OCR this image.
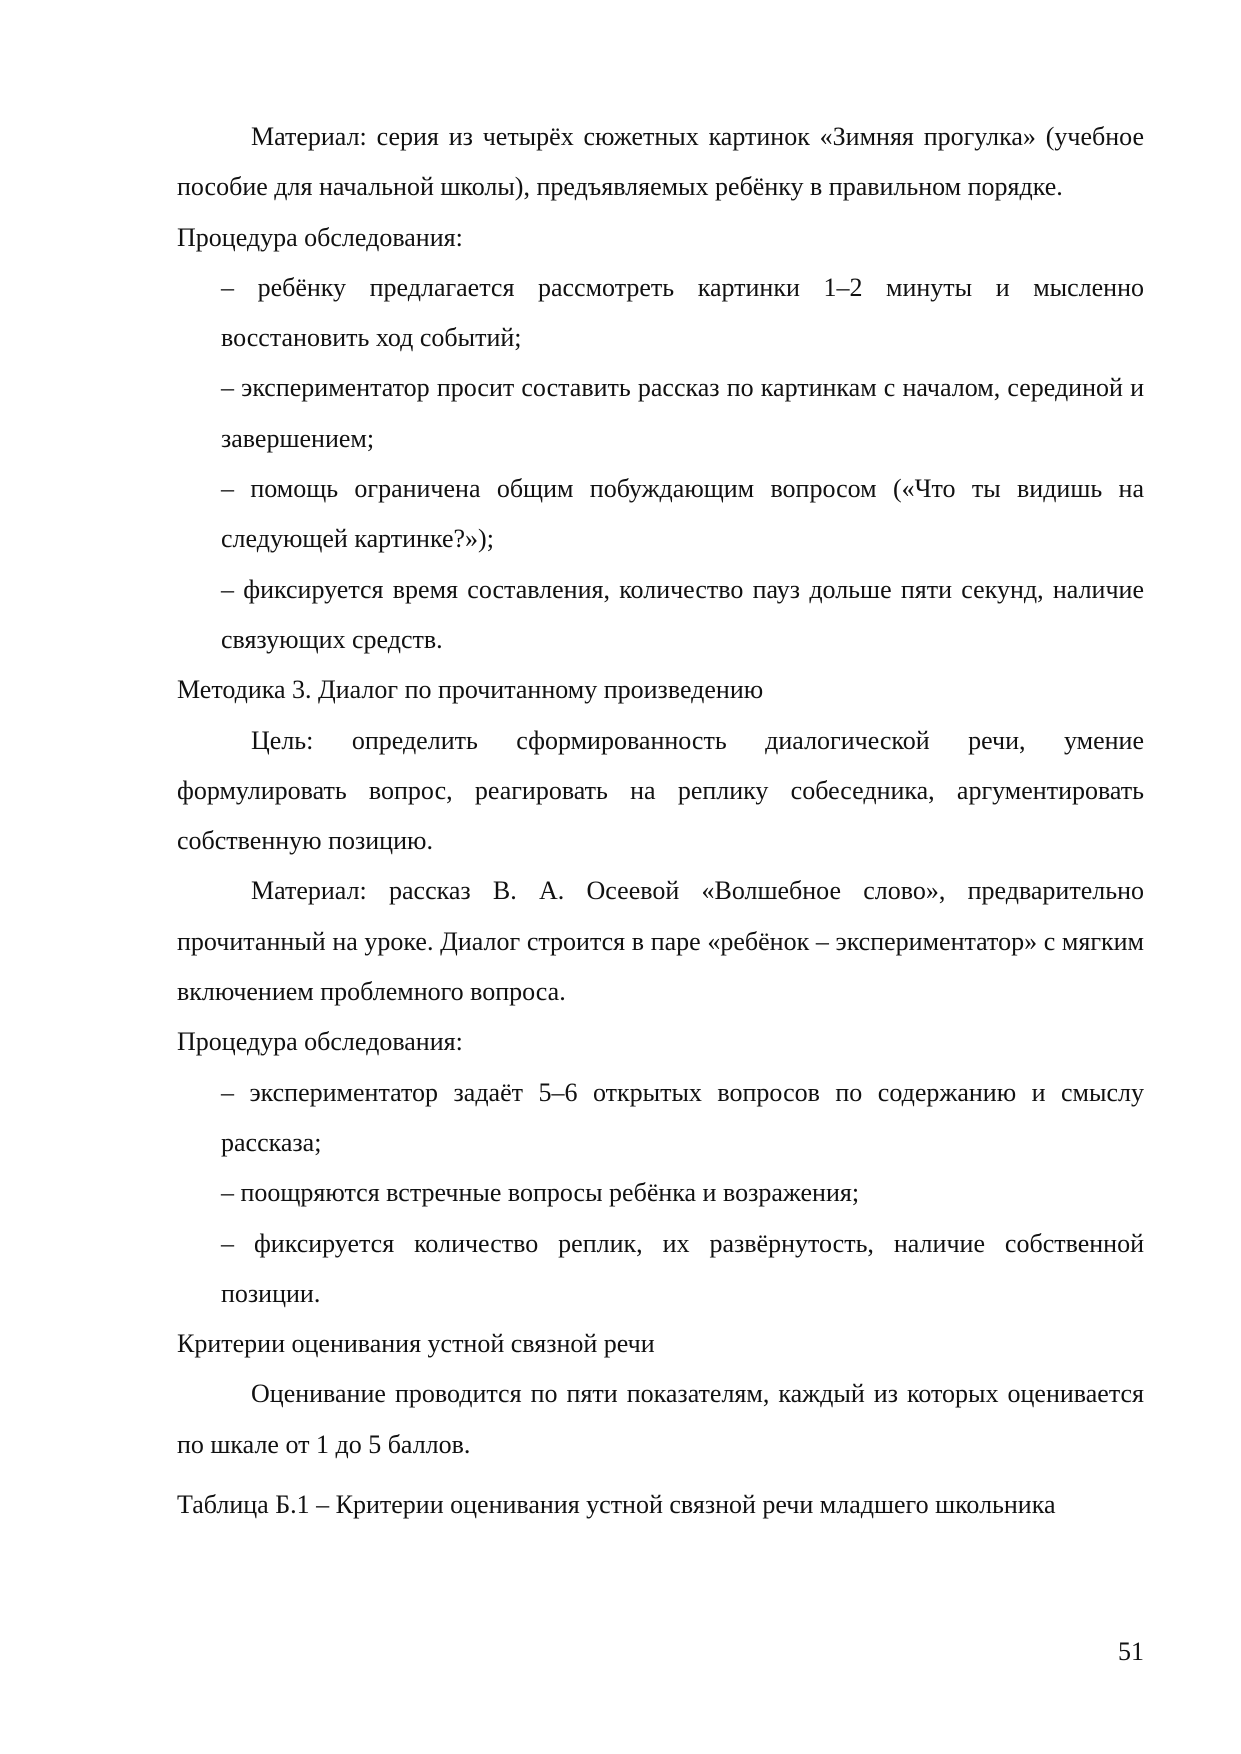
Материал: серия из четырёх сюжетных картинок «Зимняя прогулка» (учебное пособие для начальной школы), предъявляемых ребёнку в правильном порядке.

Процедура обследования:

– ребёнку предлагается рассмотреть картинки 1–2 минуты и мысленно восстановить ход событий;

– экспериментатор просит составить рассказ по картинкам с началом, серединой и завершением;

– помощь ограничена общим побуждающим вопросом («Что ты видишь на следующей картинке?»);

– фиксируется время составления, количество пауз дольше пяти секунд, наличие связующих средств.

Методика 3. Диалог по прочитанному произведению

Цель: определить сформированность диалогической речи, умение формулировать вопрос, реагировать на реплику собеседника, аргументировать собственную позицию.

Материал: рассказ В. А. Осеевой «Волшебное слово», предварительно прочитанный на уроке. Диалог строится в паре «ребёнок – экспериментатор» с мягким включением проблемного вопроса.

Процедура обследования:

– экспериментатор задаёт 5–6 открытых вопросов по содержанию и смыслу рассказа;

– поощряются встречные вопросы ребёнка и возражения;

– фиксируется количество реплик, их развёрнутость, наличие собственной позиции.

Критерии оценивания устной связной речи

Оценивание проводится по пяти показателям, каждый из которых оценивается по шкале от 1 до 5 баллов.

Таблица Б.1 – Критерии оценивания устной связной речи младшего школьника

51
